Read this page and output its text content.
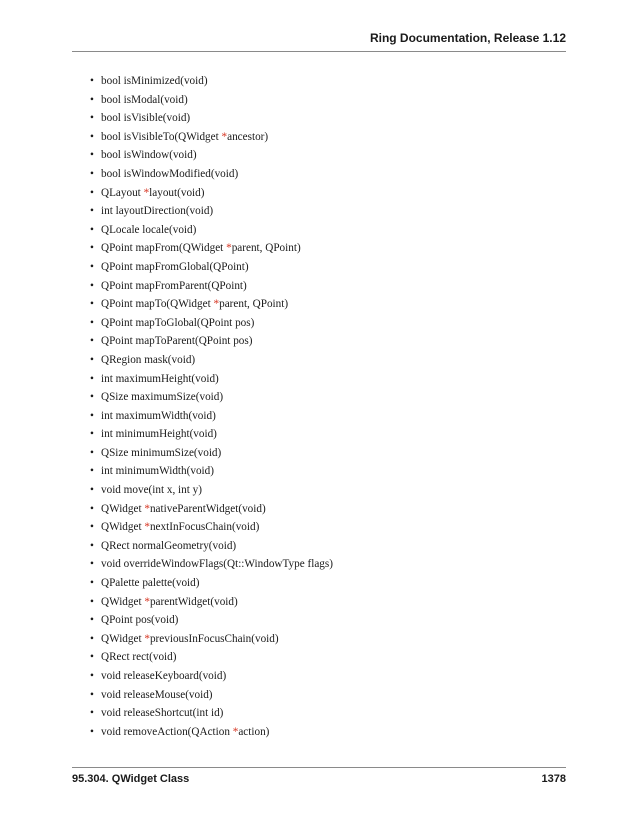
Ring Documentation, Release 1.12
• bool isMinimized(void)
• bool isModal(void)
• bool isVisible(void)
• bool isVisibleTo(QWidget *ancestor)
• bool isWindow(void)
• bool isWindowModified(void)
• QLayout *layout(void)
• int layoutDirection(void)
• QLocale locale(void)
• QPoint mapFrom(QWidget *parent, QPoint)
• QPoint mapFromGlobal(QPoint)
• QPoint mapFromParent(QPoint)
• QPoint mapTo(QWidget *parent, QPoint)
• QPoint mapToGlobal(QPoint pos)
• QPoint mapToParent(QPoint pos)
• QRegion mask(void)
• int maximumHeight(void)
• QSize maximumSize(void)
• int maximumWidth(void)
• int minimumHeight(void)
• QSize minimumSize(void)
• int minimumWidth(void)
• void move(int x, int y)
• QWidget *nativeParentWidget(void)
• QWidget *nextInFocusChain(void)
• QRect normalGeometry(void)
• void overrideWindowFlags(Qt::WindowType flags)
• QPalette palette(void)
• QWidget *parentWidget(void)
• QPoint pos(void)
• QWidget *previousInFocusChain(void)
• QRect rect(void)
• void releaseKeyboard(void)
• void releaseMouse(void)
• void releaseShortcut(int id)
• void removeAction(QAction *action)
95.304. QWidget Class	1378
